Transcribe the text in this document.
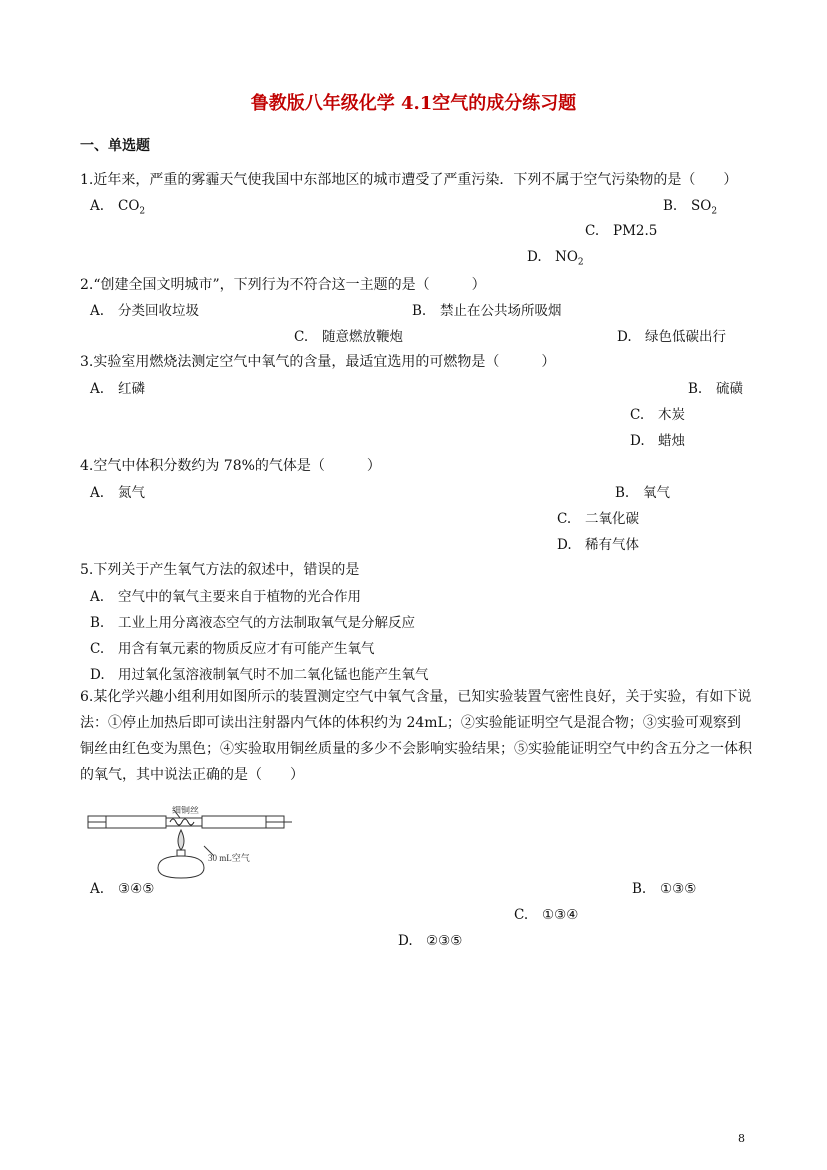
鲁教版八年级化学 4.1空气的成分练习题
一、单选题
1.近年来，严重的雾霾天气使我国中东部地区的城市遭受了严重污染．下列不属于空气污染物的是（　　）
A. $CO_2$	B. $SO_2$
C. PM2.5
D. $NO_2$
2.“创建全国文明城市”，下列行为不符合这一主题的是（　　　）
A. 分类回收垃圾	B. 禁止在公共场所吸烟
C. 随意燃放鞭炮	D. 绿色低碳出行
3.实验室用燃烧法测定空气中氧气的含量，最适宜选用的可燃物是（　　　）
A. 红磷	B. 硫磺
C. 木炭
D. 蜡烛
4.空气中体积分数约为 78%的气体是（　　　）
A. 氮气	B. 氧气
C. 二氧化碳
D. 稀有气体
5.下列关于产生氧气方法的叙述中，错误的是
A. 空气中的氧气主要来自于植物的光合作用
B. 工业上用分离液态空气的方法制取氧气是分解反应
C. 用含有氧元素的物质反应才有可能产生氧气
D. 用过氧化氢溶液制氧气时不加二氧化锰也能产生氧气
6.某化学兴趣小组利用如图所示的装置测定空气中氧气含量，已知实验装置气密性良好，关于实验，有如下说法：①停止加热后即可读出注射器内气体的体积约为 24mL；②实验能证明空气是混合物；③实验可观察到铜丝由红色变为黑色；④实验取用铜丝质量的多少不会影响实验结果；⑤实验能证明空气中约含五分之一体积的氧气，其中说法正确的是（　　）
细铜丝
30 mL空气
A. ③④⑤	B. ①③⑤
C. ①③④
D. ②③⑤
8
